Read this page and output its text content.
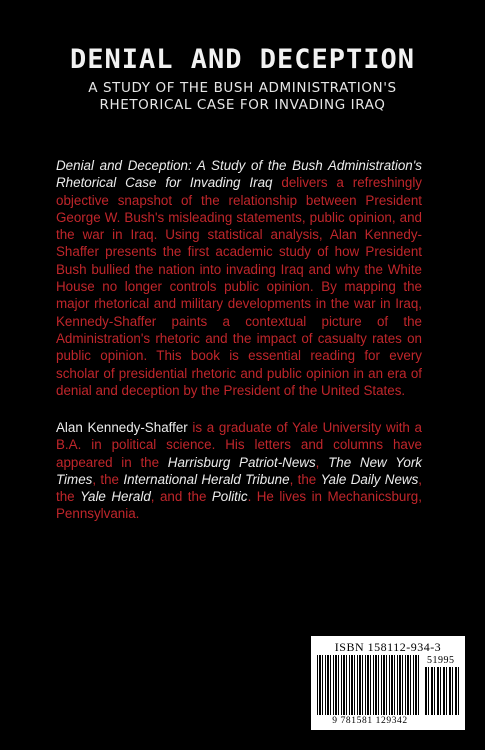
DENIAL AND DECEPTION
A STUDY OF THE BUSH ADMINISTRATION'S
RHETORICAL CASE FOR INVADING IRAQ
Denial and Deception: A Study of the Bush Administration's Rhetorical Case for Invading Iraq delivers a refreshingly objective snapshot of the relationship between President George W. Bush's misleading statements, public opinion, and the war in Iraq. Using statistical analysis, Alan Kennedy-Shaffer presents the first academic study of how President Bush bullied the nation into invading Iraq and why the White House no longer controls public opinion. By mapping the major rhetorical and military developments in the war in Iraq, Kennedy-Shaffer paints a contextual picture of the Administration's rhetoric and the impact of casualty rates on public opinion. This book is essential reading for every scholar of presidential rhetoric and public opinion in an era of denial and deception by the President of the United States.
Alan Kennedy-Shaffer is a graduate of Yale University with a B.A. in political science. His letters and columns have appeared in the Harrisburg Patriot-News, The New York Times, the International Herald Tribune, the Yale Daily News, the Yale Herald, and the Politic. He lives in Mechanicsburg, Pennsylvania.
ISBN 158112-934-3
51995
9 781581 129342
